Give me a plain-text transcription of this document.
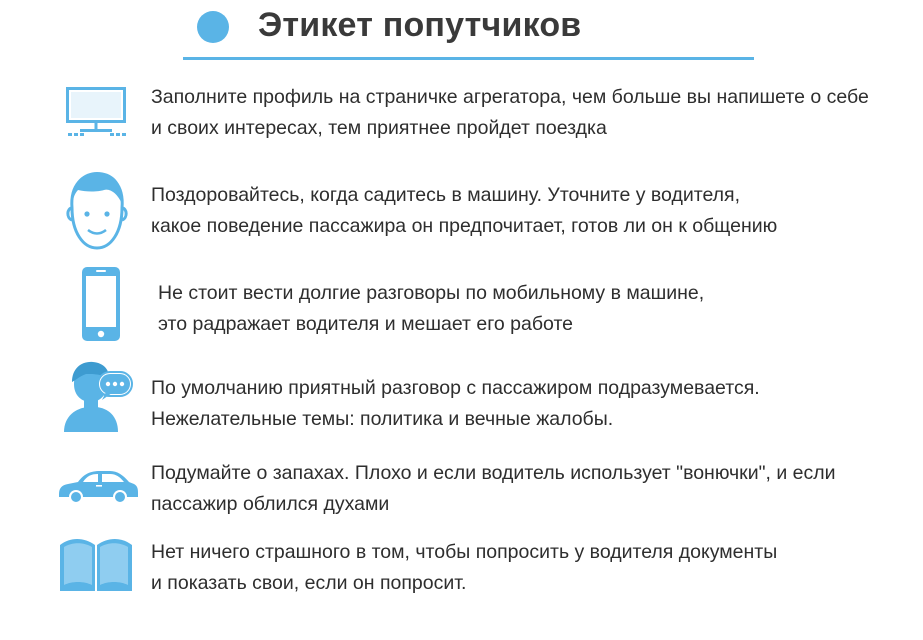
Этикет попутчиков
Заполните профиль на страничке агрегатора, чем больше вы напишете о себе
и своих интересах, тем приятнее пройдет поездка
Поздоровайтесь, когда садитесь в машину. Уточните у водителя,
какое поведение пассажира он предпочитает, готов ли он к общению
Не стоит вести долгие разговоры по мобильному в машине,
это радражает водителя и мешает его работе
По умолчанию приятный разговор с пассажиром подразумевается.
Нежелательные темы: политика и вечные жалобы.
Подумайте о запахах. Плохо и если водитель использует "вонючки", и если
пассажир облился духами
Нет ничего страшного в том, чтобы попросить у водителя документы
и показать свои, если он попросит.
